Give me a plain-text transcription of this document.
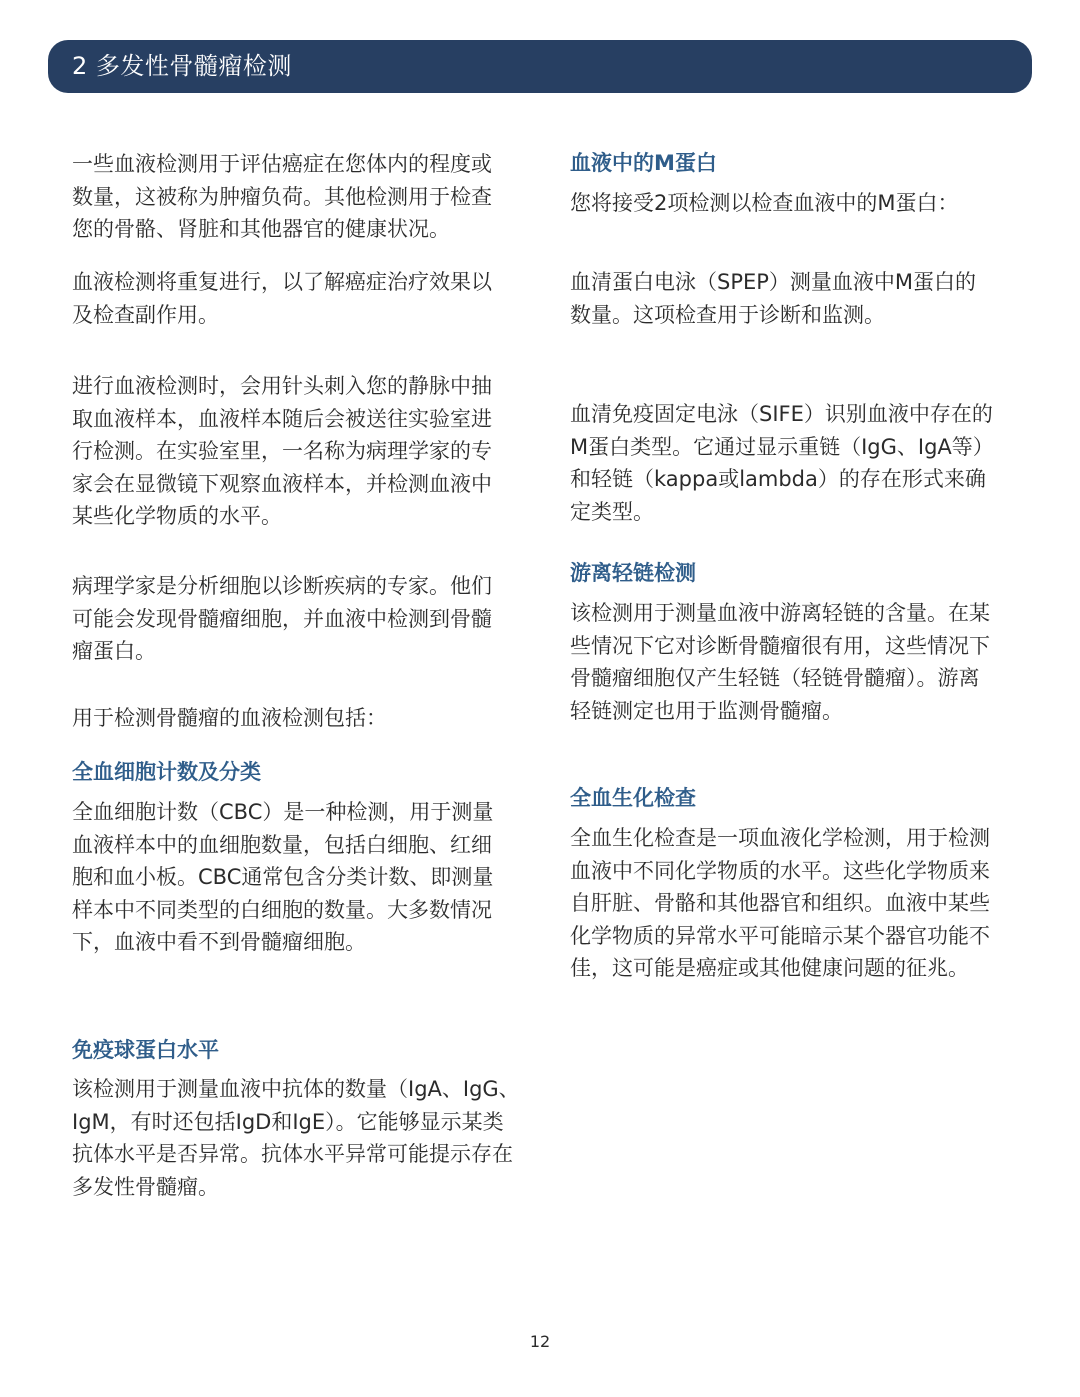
2 多发性骨髓瘤检测
一些血液检测用于评估癌症在您体内的程度或
数量，这被称为肿瘤负荷。其他检测用于检查
您的骨骼、肾脏和其他器官的健康状况。
血液检测将重复进行，以了解癌症治疗效果以
及检查副作用。
进行血液检测时，会用针头刺入您的静脉中抽
取血液样本，血液样本随后会被送往实验室进
行检测。在实验室里，一名称为病理学家的专
家会在显微镜下观察血液样本，并检测血液中
某些化学物质的水平。
病理学家是分析细胞以诊断疾病的专家。他们
可能会发现骨髓瘤细胞，并血液中检测到骨髓
瘤蛋白。
用于检测骨髓瘤的血液检测包括：
全血细胞计数及分类
全血细胞计数（CBC）是一种检测，用于测量
血液样本中的血细胞数量，包括白细胞、红细
胞和血小板。CBC通常包含分类计数、即测量
样本中不同类型的白细胞的数量。大多数情况
下，血液中看不到骨髓瘤细胞。
免疫球蛋白水平
该检测用于测量血液中抗体的数量（IgA、IgG、
IgM，有时还包括IgD和IgE）。它能够显示某类
抗体水平是否异常。抗体水平异常可能提示存在
多发性骨髓瘤。
血液中的M蛋白
您将接受2项检测以检查血液中的M蛋白：
血清蛋白电泳（SPEP）测量血液中M蛋白的
数量。这项检查用于诊断和监测。
血清免疫固定电泳（SIFE）识别血液中存在的
M蛋白类型。它通过显示重链（IgG、IgA等）
和轻链（kappa或lambda）的存在形式来确
定类型。
游离轻链检测
该检测用于测量血液中游离轻链的含量。在某
些情况下它对诊断骨髓瘤很有用，这些情况下
骨髓瘤细胞仅产生轻链（轻链骨髓瘤）。游离
轻链测定也用于监测骨髓瘤。
全血生化检查
全血生化检查是一项血液化学检测，用于检测
血液中不同化学物质的水平。这些化学物质来
自肝脏、骨骼和其他器官和组织。血液中某些
化学物质的异常水平可能暗示某个器官功能不
佳，这可能是癌症或其他健康问题的征兆。
12
